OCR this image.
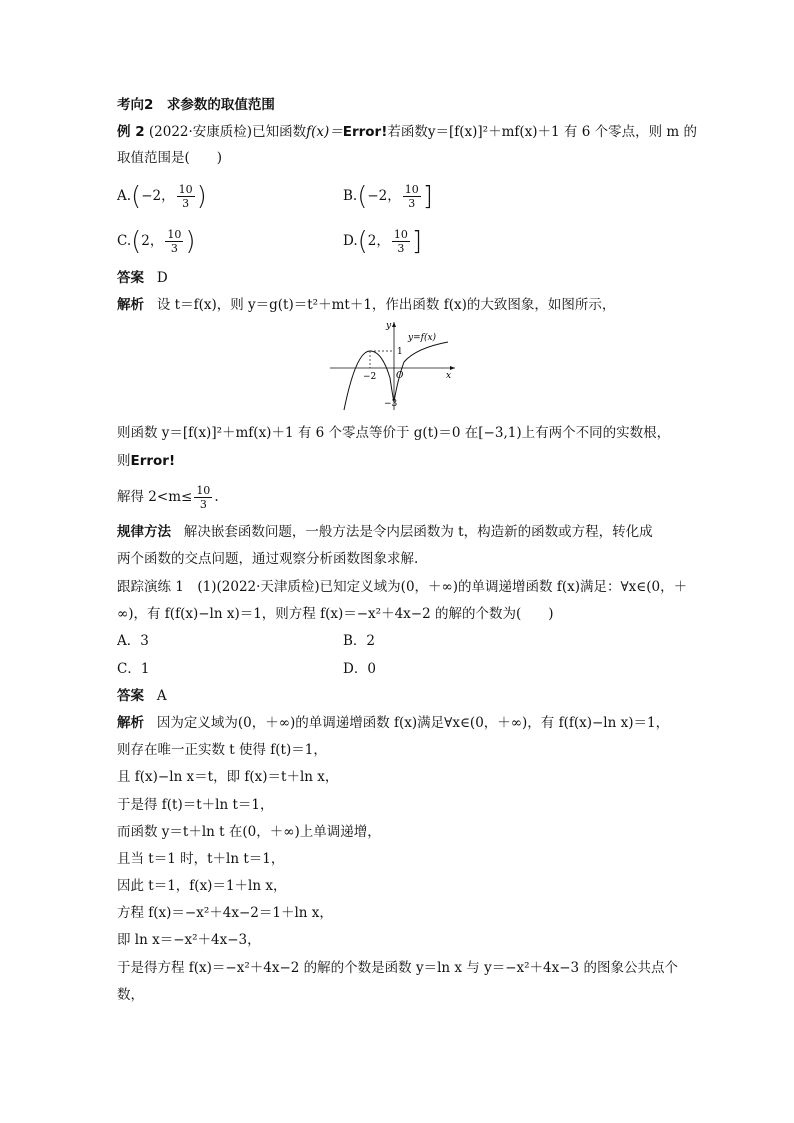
考向2　求参数的取值范围
例 2 (2022·安康质检)已知函数f(x)＝Error!若函数y＝[f(x)]²＋mf(x)＋1 有 6 个零点，则 m 的
取值范围是(　　)
A.(−2， $\frac{10}{3}$ )	B.(−2， $\frac{10}{3}$ ]
C.(2， $\frac{10}{3}$ )	D.(2， $\frac{10}{3}$ ]
答案 D
解析 设 t＝f(x)，则 y＝g(t)＝t²＋mt＋1，作出函数 f(x)的大致图象，如图所示，
y
x
y=f(x)
1
−2 O
−3
则函数 y＝[f(x)]²＋mf(x)＋1 有 6 个零点等价于 g(t)＝0 在[−3,1)上有两个不同的实数根，
则Error!
解得 $2<m\le \frac{10}{3}$ .
规律方法 解决嵌套函数问题，一般方法是令内层函数为 t，构造新的函数或方程，转化成
两个函数的交点问题，通过观察分析函数图象求解.
跟踪演练 1　(1)(2022·天津质检)已知定义域为(0，＋∞)的单调递增函数 f(x)满足：∀x∈(0，＋
∞)，有 f(f(x)−ln x)＝1，则方程 f(x)＝−x²＋4x−2 的解的个数为(　　)
A．3	B．2
C．1	D．0
答案 A
解析 因为定义域为(0，＋∞)的单调递增函数 f(x)满足∀x∈(0，＋∞)，有 f(f(x)−ln x)＝1，
则存在唯一正实数 t 使得 f(t)＝1，
且 f(x)−ln x＝t，即 f(x)＝t＋ln x，
于是得 f(t)＝t＋ln t＝1，
而函数 y＝t＋ln t 在(0，＋∞)上单调递增，
且当 t＝1 时，t＋ln t＝1，
因此 t＝1，f(x)＝1＋ln x，
方程 f(x)＝−x²＋4x−2＝1＋ln x，
即 ln x＝−x²＋4x−3，
于是得方程 f(x)＝−x²＋4x−2 的解的个数是函数 y＝ln x 与 y＝−x²＋4x−3 的图象公共点个
数，
